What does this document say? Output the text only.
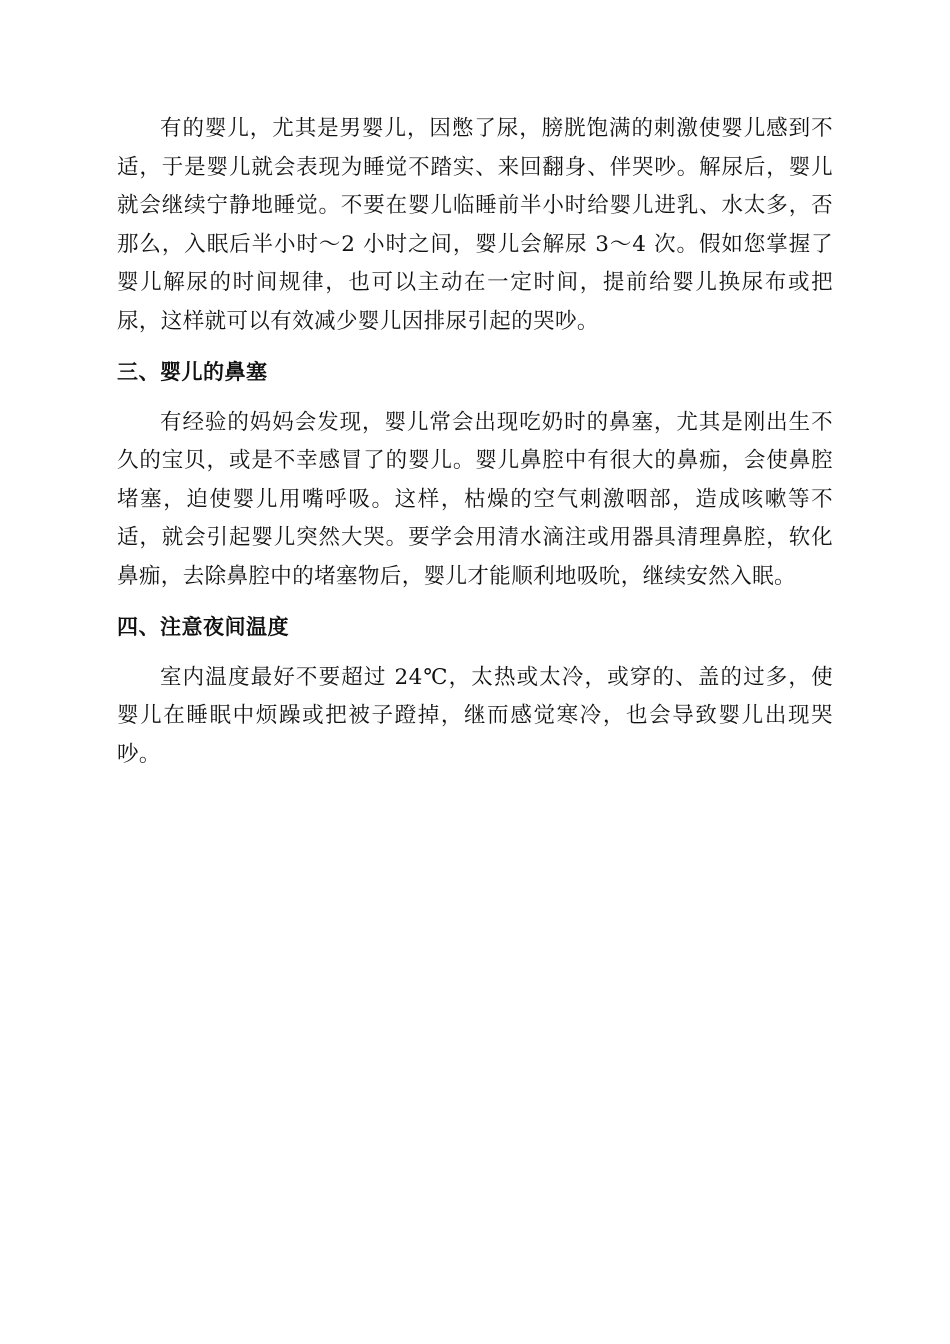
有的婴儿，尤其是男婴儿，因憋了尿，膀胱饱满的刺激使婴儿感到不适，于是婴儿就会表现为睡觉不踏实、来回翻身、伴哭吵。解尿后，婴儿就会继续宁静地睡觉。不要在婴儿临睡前半小时给婴儿进乳、水太多，否那么，入眠后半小时～2 小时之间，婴儿会解尿 3～4 次。假如您掌握了婴儿解尿的时间规律，也可以主动在一定时间，提前给婴儿换尿布或把尿，这样就可以有效减少婴儿因排尿引起的哭吵。

三、婴儿的鼻塞

有经验的妈妈会发现，婴儿常会出现吃奶时的鼻塞，尤其是刚出生不久的宝贝，或是不幸感冒了的婴儿。婴儿鼻腔中有很大的鼻痂，会使鼻腔堵塞，迫使婴儿用嘴呼吸。这样，枯燥的空气刺激咽部，造成咳嗽等不适，就会引起婴儿突然大哭。要学会用清水滴注或用器具清理鼻腔，软化鼻痂，去除鼻腔中的堵塞物后，婴儿才能顺利地吸吮，继续安然入眠。

四、注意夜间温度

室内温度最好不要超过 24℃，太热或太冷，或穿的、盖的过多，使婴儿在睡眠中烦躁或把被子蹬掉，继而感觉寒冷，也会导致婴儿出现哭吵。
